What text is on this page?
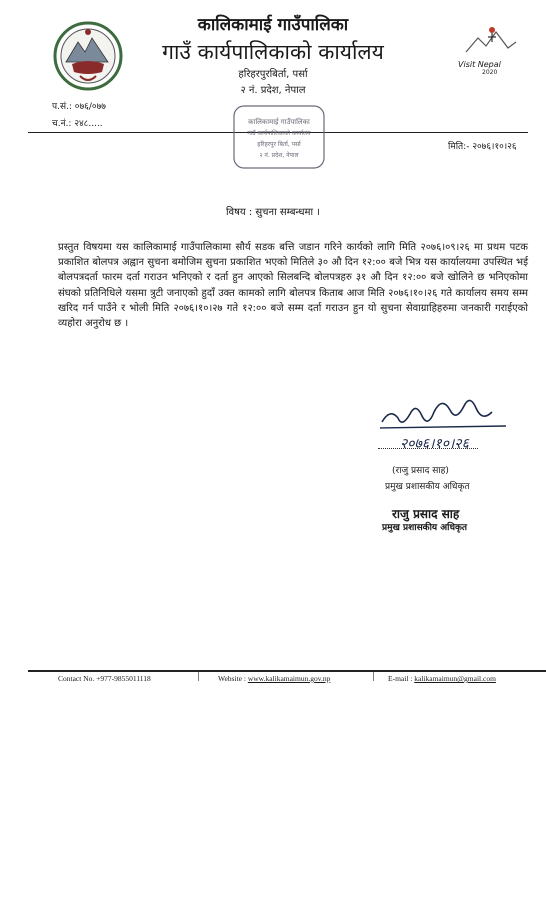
Visit Nepal
2020
कालिकामाई गाउँपालिका
गाउँ कार्यपालिकाको कार्यालय
हरिहरपुरबिर्ता, पर्सा
२ नं. प्रदेश, नेपाल
प.सं.: ०७६/०७७
च.नं.: २४८.....	कालिकामाई गाउँपालिका
गाउँ कार्यपालिकाको कार्यालय
हरिहरपुर बिर्ता, पर्सा
२ नं. प्रदेश, नेपाल
मिति:- २०७६।१०।२६
विषय : सुचना सम्बन्धमा ।
प्रस्तुत विषयमा यस कालिकामाई गाउँपालिकामा सौर्य सडक बत्ति जडान गरिने कार्यको लागि मिति २०७६।०९।२६ मा प्रथम पटक प्रकाशित बोलपत्र अह्वान सुचना बमोजिम सुचना प्रकाशित भएको मितिले ३० औ दिन १२:०० बजे भित्र यस कार्यालयमा उपस्थित भई बोलपत्रदर्ता फारम दर्ता गराउन भनिएको र दर्ता हुन आएको सिलबन्दि बोलपत्रहरु ३१ औ दिन १२:०० बजे खोलिने छ भनिएकोमा संघको प्रतिनिधिले यसमा त्रुटी जनाएको हुदाँ उक्त कामको लागि बोलपत्र किताब आज मिति २०७६।१०।२६ गते कार्यालय समय सम्म खरिद गर्न पाउँने र भोली मिति २०७६।१०।२७ गते १२:०० बजे सम्म दर्ता गराउन हुन यो सुचना सेवाग्राहिहरुमा जनकारी गराईएको व्यहोरा अनुरोध छ ।
२०७६।१०।२६
(राजु प्रसाद साह)
प्रमुख प्रशासकीय अधिकृत
राजु प्रसाद साह
प्रमुख प्रशासकीय अधिकृत
Contact No. +977-9855011118	| Website : www.kalikamaimun.gov.np	| E-mail : kalikamaimun@gmail.com
